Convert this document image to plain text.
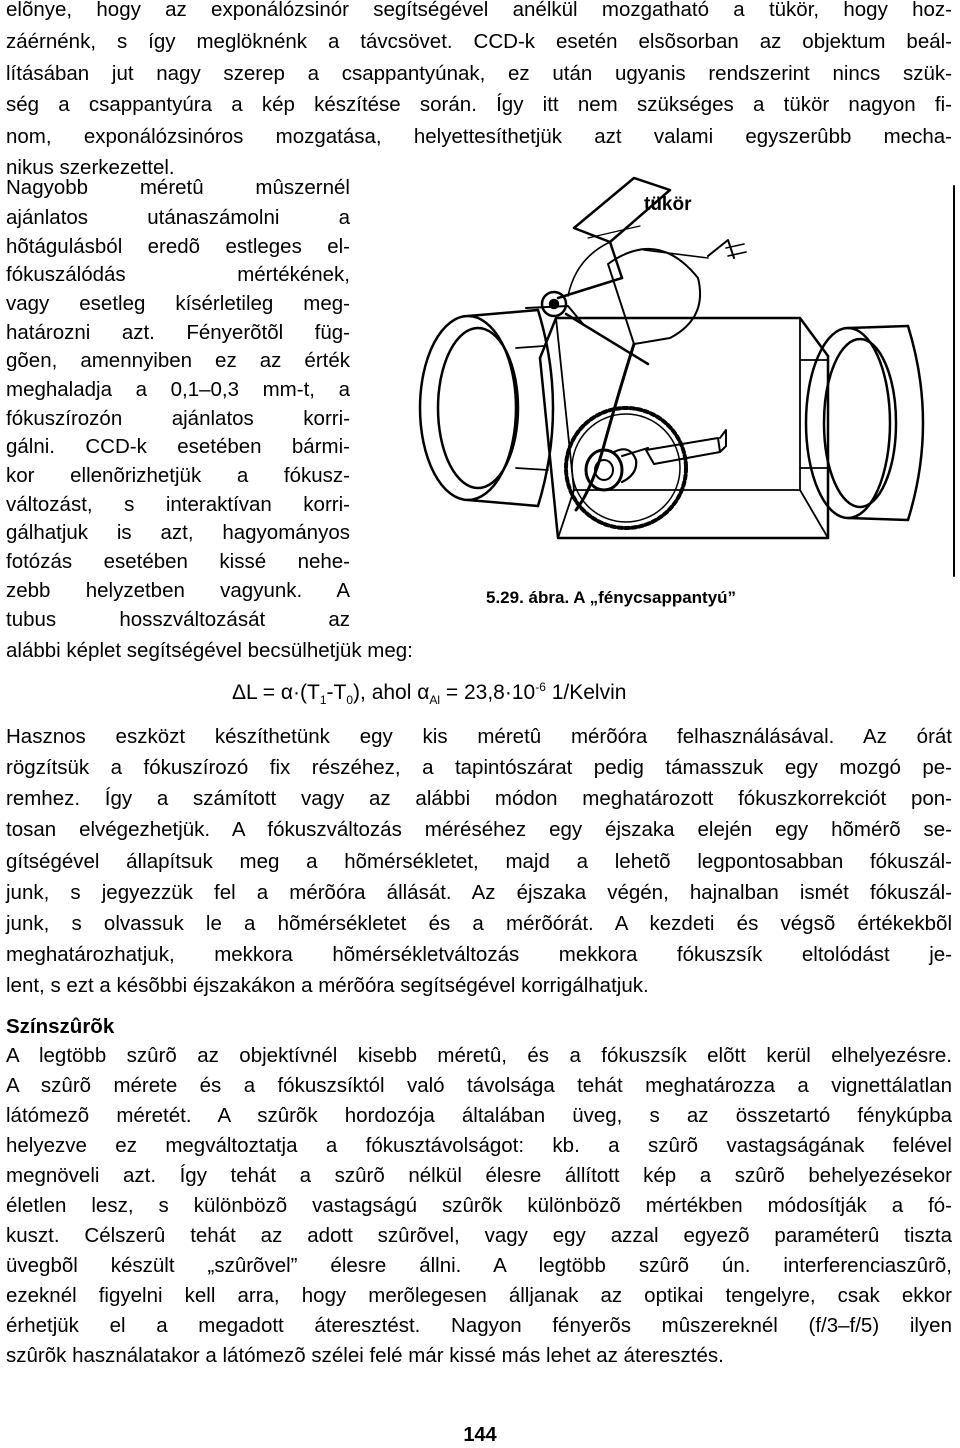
elõnye, hogy az exponálózsinór segítségével anélkül mozgatható a tükör, hogy hoz-
záérnénk, s így meglöknénk a távcsövet. CCD-k esetén elsõsorban az objektum beál-
lításában jut nagy szerep a csappantyúnak, ez után ugyanis rendszerint nincs szük-
ség a csappantyúra a kép készítése során. Így itt nem szükséges a tükör nagyon fi-
nom, exponálózsinóros mozgatása, helyettesíthetjük azt valami egyszerûbb mecha-
nikus szerkezettel.
Nagyobb méretû mûszernél
ajánlatos utánaszámolni a
hõtágulásból eredõ estleges el-
fókuszálódás mértékének,
vagy esetleg kísérletileg meg-
határozni azt. Fényerõtõl füg-
gõen, amennyiben ez az érték
meghaladja a 0,1–0,3 mm-t, a
fókuszírozón ajánlatos korri-
gálni. CCD-k esetében bármi-
kor ellenõrizhetjük a fókusz-
változást, s interaktívan korri-
gálhatjuk is azt, hagyományos
fotózás esetében kissé nehe-
zebb helyzetben vagyunk. A
tubus hosszváltozását az
alábbi képlet segítségével becsülhetjük meg:
tükör
5.29. ábra. A „fénycsappantyú”
$\Delta L = \alpha\cdot(T_1-T_0)$, ahol $\alpha_{Al} = 23,8\cdot 10^{-6}$ 1/Kelvin
Hasznos eszközt készíthetünk egy kis méretû mérõóra felhasználásával. Az órát
rögzítsük a fókuszírozó fix részéhez, a tapintószárat pedig támasszuk egy mozgó pe-
remhez. Így a számított vagy az alábbi módon meghatározott fókuszkorrekciót pon-
tosan elvégezhetjük. A fókuszváltozás méréséhez egy éjszaka elején egy hõmérõ se-
gítségével állapítsuk meg a hõmérsékletet, majd a lehetõ legpontosabban fókuszál-
junk, s jegyezzük fel a mérõóra állását. Az éjszaka végén, hajnalban ismét fókuszál-
junk, s olvassuk le a hõmérsékletet és a mérõórát. A kezdeti és végsõ értékekbõl
meghatározhatjuk, mekkora hõmérsékletváltozás mekkora fókuszsík eltolódást je-
lent, s ezt a késõbbi éjszakákon a mérõóra segítségével korrigálhatjuk.
Színszûrõk
A legtöbb szûrõ az objektívnél kisebb méretû, és a fókuszsík elõtt kerül elhelyezésre.
A szûrõ mérete és a fókuszsíktól való távolsága tehát meghatározza a vignettálatlan
látómezõ méretét. A szûrõk hordozója általában üveg, s az összetartó fénykúpba
helyezve ez megváltoztatja a fókusztávolságot: kb. a szûrõ vastagságának felével
megnöveli azt. Így tehát a szûrõ nélkül élesre állított kép a szûrõ behelyezésekor
életlen lesz, s különbözõ vastagságú szûrõk különbözõ mértékben módosítják a fó-
kuszt. Célszerû tehát az adott szûrõvel, vagy egy azzal egyezõ paraméterû tiszta
üvegbõl készült „szûrõvel” élesre állni. A legtöbb szûrõ ún. interferenciaszûrõ,
ezeknél figyelni kell arra, hogy merõlegesen álljanak az optikai tengelyre, csak ekkor
érhetjük el a megadott áteresztést. Nagyon fényerõs mûszereknél (f/3–f/5) ilyen
szûrõk használatakor a látómezõ szélei felé már kissé más lehet az áteresztés.
144
